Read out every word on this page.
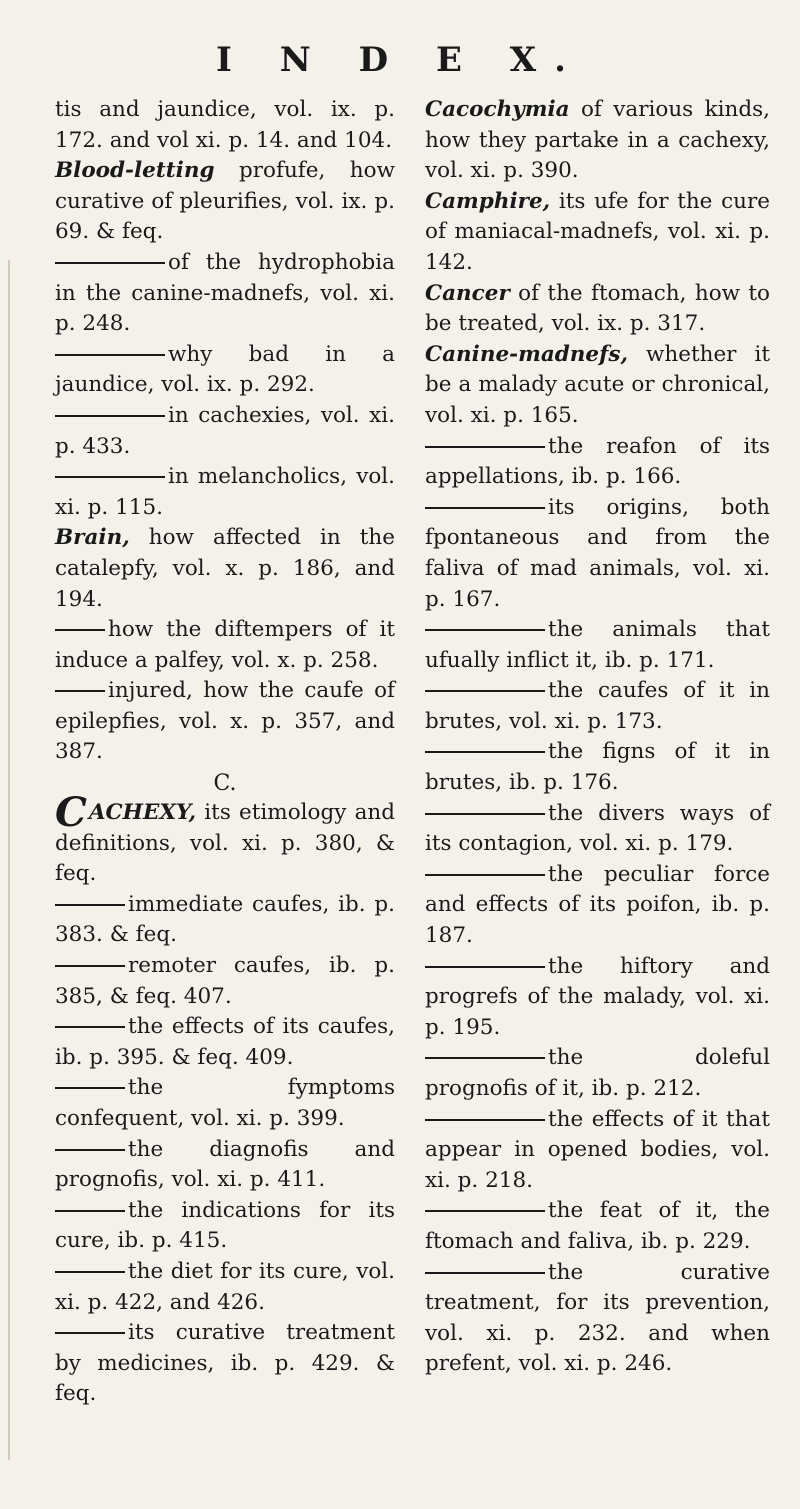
I N D E X.

tis and jaundice, vol. ix. p. 172. and vol xi. p. 14. and 104.

Blood-letting profufe, how curative of pleurifies, vol. ix. p. 69. & feq.

of the hydrophobia in the canine-madnefs, vol. xi. p. 248.

why bad in a jaundice, vol. ix. p. 292.

in cachexies, vol. xi. p. 433.

in melancholics, vol. xi. p. 115.

Brain, how affected in the catalepfy, vol. x. p. 186, and 194.

how the diftempers of it induce a palfey, vol. x. p. 258.

injured, how the caufe of epilepfies, vol. x. p. 357, and 387.

C.

CACHEXY, its etimology and definitions, vol. xi. p. 380, & feq.

immediate caufes, ib. p. 383. & feq.

remoter caufes, ib. p. 385, & feq. 407.

the effects of its caufes, ib. p. 395. & feq. 409.

the fymptoms confequent, vol. xi. p. 399.

the diagnofis and prognofis, vol. xi. p. 411.

the indications for its cure, ib. p. 415.

the diet for its cure, vol. xi. p. 422, and 426.

its curative treatment by medicines, ib. p. 429. & feq.

Cacochymia of various kinds, how they partake in a cachexy, vol. xi. p. 390.

Camphire, its ufe for the cure of maniacal-madnefs, vol. xi. p. 142.

Cancer of the ftomach, how to be treated, vol. ix. p. 317.

Canine-madnefs, whether it be a malady acute or chronical, vol. xi. p. 165.

the reafon of its appellations, ib. p. 166.

its origins, both fpontaneous and from the faliva of mad animals, vol. xi. p. 167.

the animals that ufually inflict it, ib. p. 171.

the caufes of it in brutes, vol. xi. p. 173.

the figns of it in brutes, ib. p. 176.

the divers ways of its contagion, vol. xi. p. 179.

the peculiar force and effects of its poifon, ib. p. 187.

the hiftory and progrefs of the malady, vol. xi. p. 195.

the doleful prognofis of it, ib. p. 212.

the effects of it that appear in opened bodies, vol. xi. p. 218.

the feat of it, the ftomach and faliva, ib. p. 229.

the curative treatment, for its prevention, vol. xi. p. 232. and when prefent, vol. xi. p. 246.
